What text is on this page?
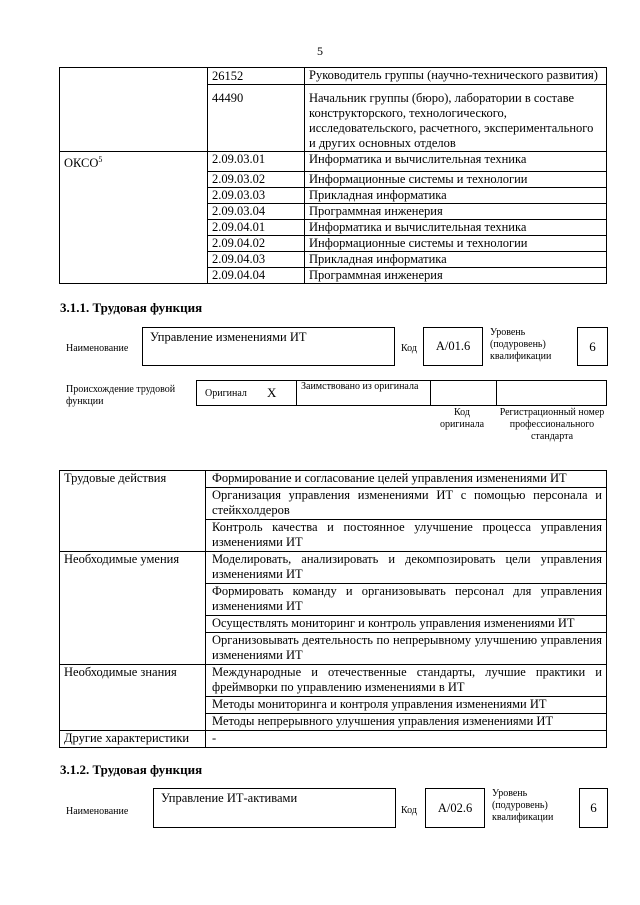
5
	26152	Руководитель группы (научно-технического развития)
	44490	Начальник группы (бюро), лаборатории в составе конструкторского, технологического, исследовательского, расчетного, экспериментального и других основных отделов
ОКСО$^5$	2.09.03.01	Информатика и вычислительная техника
	2.09.03.02	Информационные системы и технологии
	2.09.03.03	Прикладная информатика
	2.09.03.04	Программная инженерия
	2.09.04.01	Информатика и вычислительная техника
	2.09.04.02	Информационные системы и технологии
	2.09.04.03	Прикладная информатика
	2.09.04.04	Программная инженерия
3.1.1. Трудовая функция
Наименование
Управление изменениями ИТ
Код	A/01.6
Уровень (подуровень) квалификации
6
Происхождение трудовой функции
Оригинал X Заимствовано из оригинала
Код оригинала
Регистрационный номер профессионального стандарта
Трудовые действия	Формирование и согласование целей управления изменениями ИТ
	Организация управления изменениями ИТ с помощью персонала и стейкхолдеров
	Контроль качества и постоянное улучшение процесса управления изменениями ИТ
Необходимые умения	Моделировать, анализировать и декомпозировать цели управления изменениями ИТ
	Формировать команду и организовывать персонал для управления изменениями ИТ
	Осуществлять мониторинг и контроль управления изменениями ИТ
	Организовывать деятельность по непрерывному улучшению управления изменениями ИТ
Необходимые знания	Международные и отечественные стандарты, лучшие практики и фреймворки по управлению изменениями в ИТ
	Методы мониторинга и контроля управления изменениями ИТ
	Методы непрерывного улучшения управления изменениями ИТ
Другие характеристики	-
3.1.2. Трудовая функция
Наименование
Управление ИТ-активами
Код	A/02.6
Уровень (подуровень) квалификации
6
